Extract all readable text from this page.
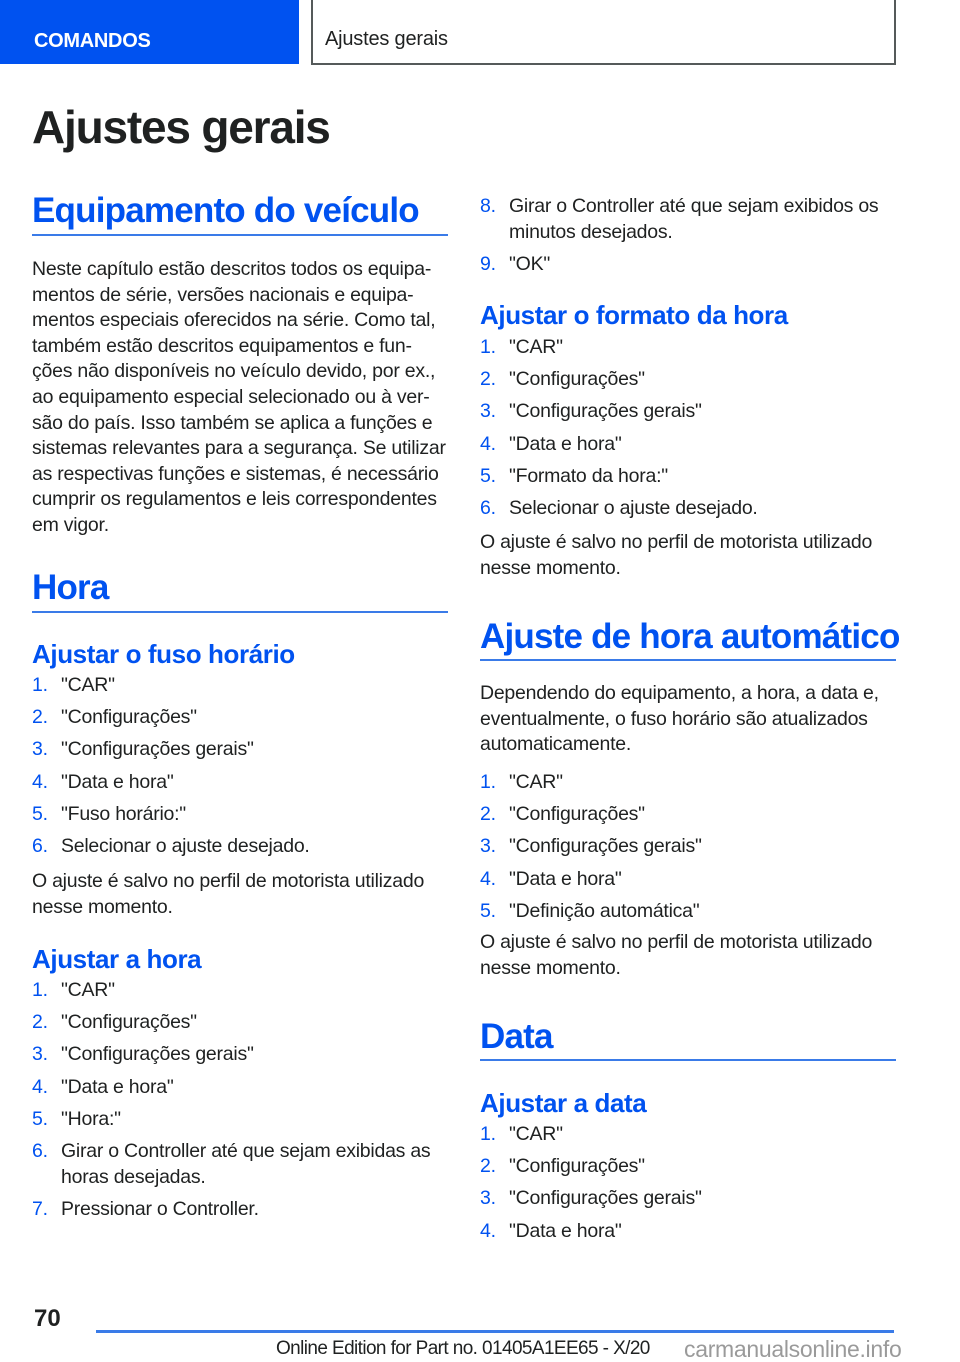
COMANDOS	Ajustes gerais
Ajustes gerais
Equipamento do veículo

Neste capítulo estão descritos todos os equipa-mentos de série, versões nacionais e equipa-mentos especiais oferecidos na série. Como tal, também estão descritos equipamentos e fun-ções não disponíveis no veículo devido, por ex., ao equipamento especial selecionado ou à ver-são do país. Isso também se aplica a funções e sistemas relevantes para a segurança. Se utilizar as respectivas funções e sistemas, é necessário cumprir os regulamentos e leis correspondentes em vigor.

Hora
Ajustar o fuso horário
1. "CAR"
2. "Configurações"
3. "Configurações gerais"
4. "Data e hora"
5. "Fuso horário:"
6. Selecionar o ajuste desejado.

O ajuste é salvo no perfil de motorista utilizado nesse momento.

Ajustar a hora
1. "CAR"
2. "Configurações"
3. "Configurações gerais"
4. "Data e hora"
5. "Hora:"
6. Girar o Controller até que sejam exibidas as horas desejadas.
7. Pressionar o Controller.
8. Girar o Controller até que sejam exibidos os minutos desejados.
9. "OK"
Ajustar o formato da hora
1. "CAR"
2. "Configurações"
3. "Configurações gerais"
4. "Data e hora"
5. "Formato da hora:"
6. Selecionar o ajuste desejado.

O ajuste é salvo no perfil de motorista utilizado nesse momento.

Ajuste de hora automático

Dependendo do equipamento, a hora, a data e, eventualmente, o fuso horário são atualizados automaticamente.

1. "CAR"
2. "Configurações"
3. "Configurações gerais"
4. "Data e hora"
5. "Definição automática"

O ajuste é salvo no perfil de motorista utilizado nesse momento.

Data
Ajustar a data
1. "CAR"
2. "Configurações"
3. "Configurações gerais"
4. "Data e hora"
70
Online Edition for Part no. 01405A1EE65 - X/20 carmanualsonline.info
